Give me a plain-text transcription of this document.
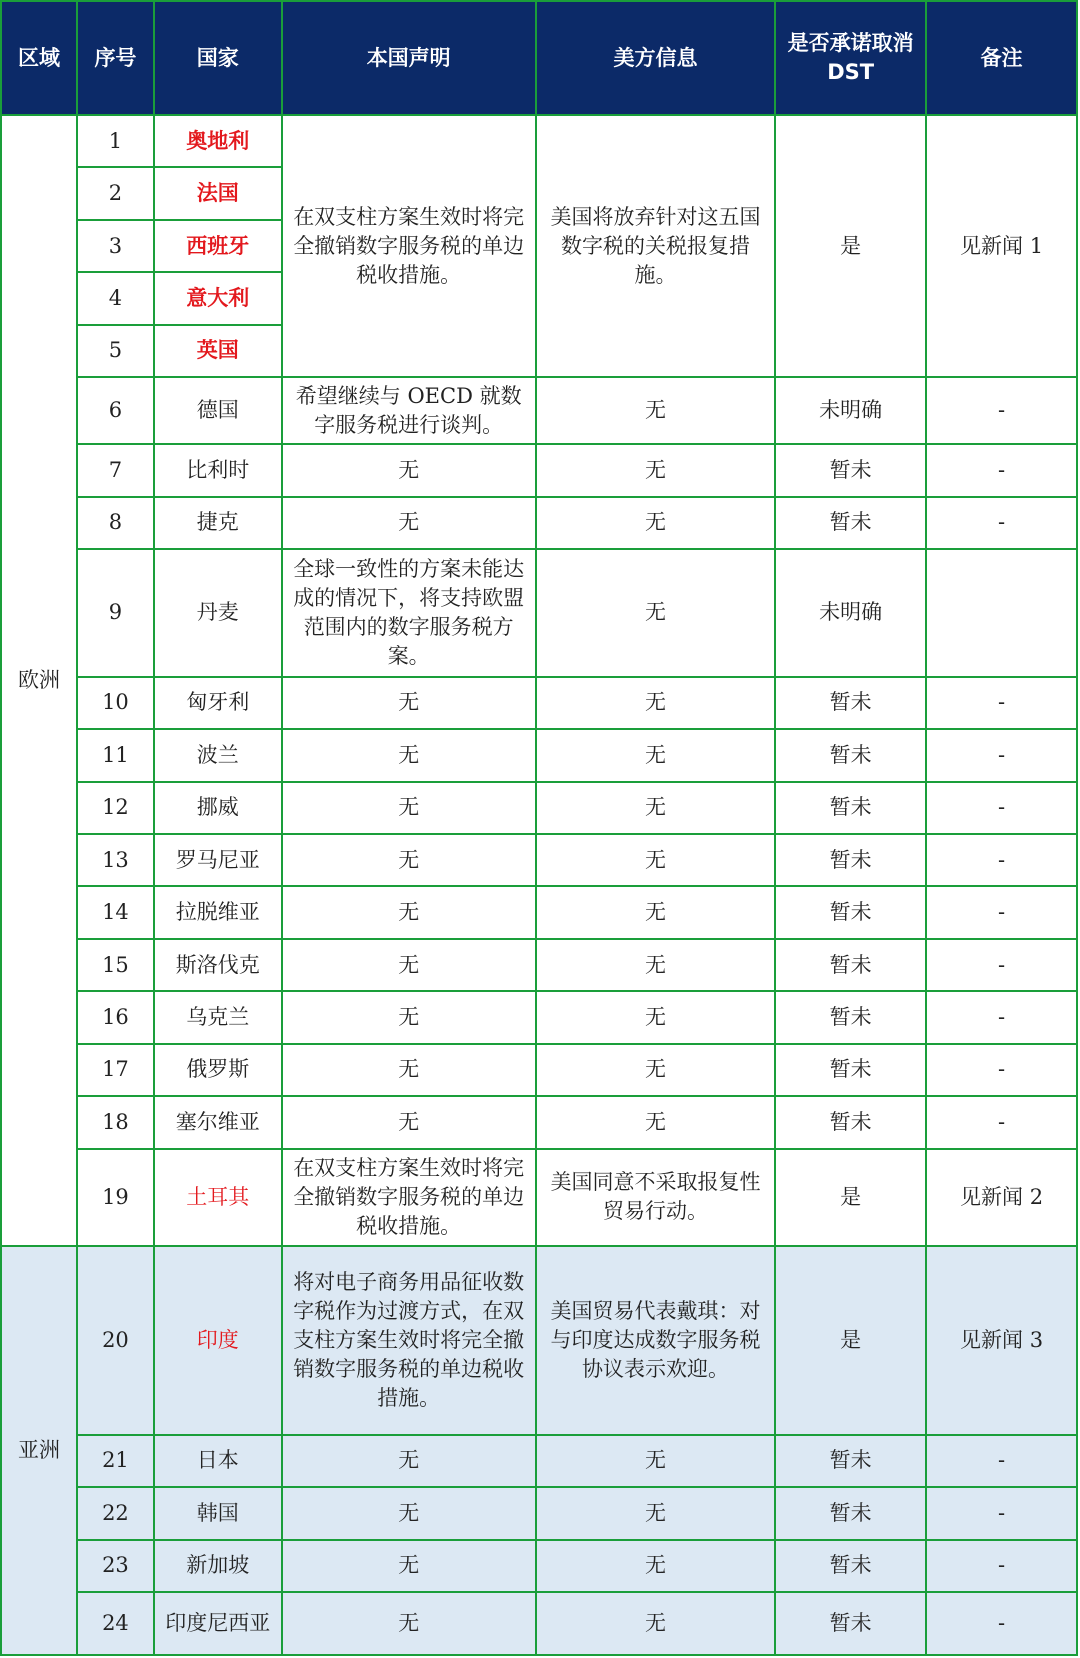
区域	序号	国家	本国声明	美方信息	是否承诺取消 DST	备注
欧洲	1	奥地利	在双支柱方案生效时将完全撤销数字服务税的单边税收措施。	美国将放弃针对这五国数字税的关税报复措施。	是	见新闻 1
	2	法国				
	3	西班牙				
	4	意大利				
	5	英国				
	6	德国	希望继续与 OECD 就数字服务税进行谈判。	无	未明确	-
	7	比利时	无	无	暂未	-
	8	捷克	无	无	暂未	-
	9	丹麦	全球一致性的方案未能达成的情况下，将支持欧盟范围内的数字服务税方案。	无	未明确	
	10	匈牙利	无	无	暂未	-
	11	波兰	无	无	暂未	-
	12	挪威	无	无	暂未	-
	13	罗马尼亚	无	无	暂未	-
	14	拉脱维亚	无	无	暂未	-
	15	斯洛伐克	无	无	暂未	-
	16	乌克兰	无	无	暂未	-
	17	俄罗斯	无	无	暂未	-
	18	塞尔维亚	无	无	暂未	-
	19	土耳其	在双支柱方案生效时将完全撤销数字服务税的单边税收措施。	美国同意不采取报复性贸易行动。	是	见新闻 2
亚洲	20	印度	将对电子商务用品征收数字税作为过渡方式，在双支柱方案生效时将完全撤销数字服务税的单边税收措施。	美国贸易代表戴琪：对与印度达成数字服务税协议表示欢迎。	是	见新闻 3
	21	日本	无	无	暂未	-
	22	韩国	无	无	暂未	-
	23	新加坡	无	无	暂未	-
	24	印度尼西亚	无	无	暂未	-
